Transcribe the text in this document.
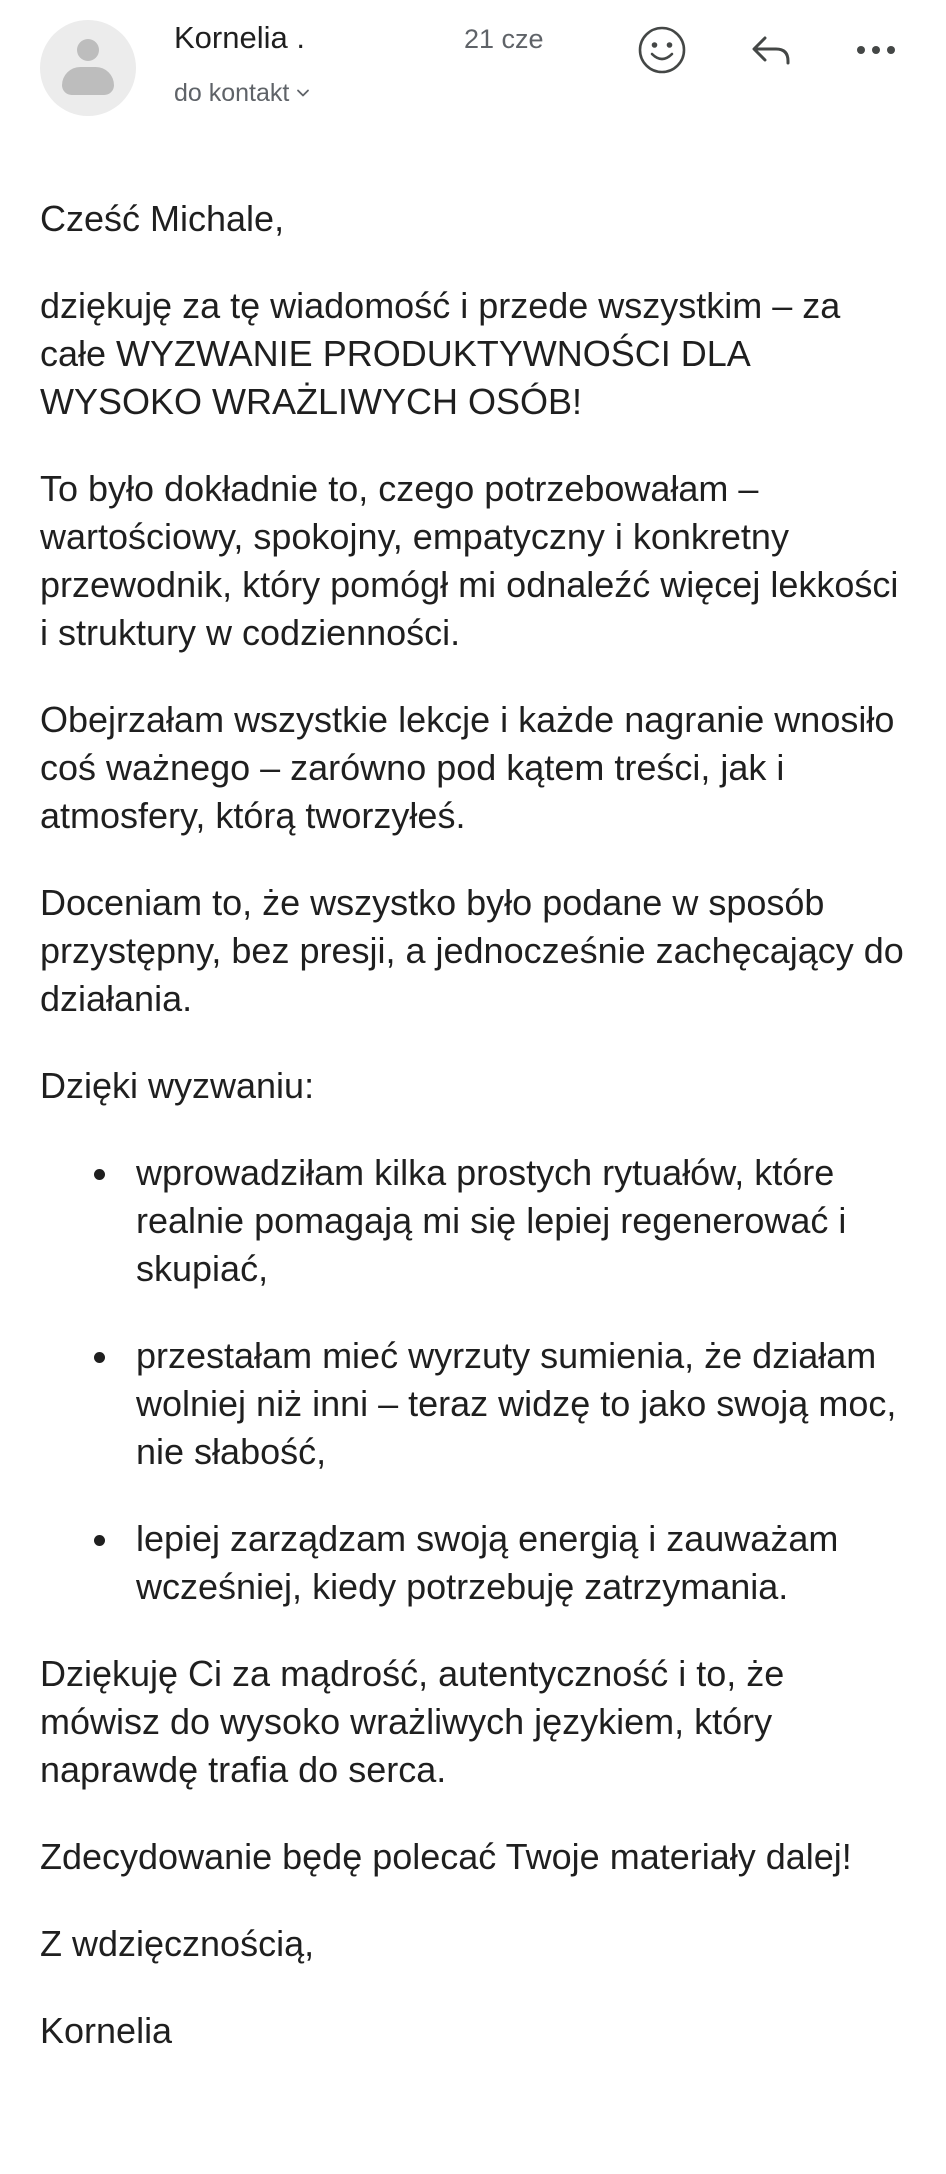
Kornelia .
do kontakt
21 cze

Cześć Michale,

dziękuję za tę wiadomość i przede wszystkim – za całe WYZWANIE PRODUKTYWNOŚCI DLA WYSOKO WRAŻLIWYCH OSÓB!

To było dokładnie to, czego potrzebowałam – wartościowy, spokojny, empatyczny i konkretny przewodnik, który pomógł mi odnaleźć więcej lekkości i struktury w codzienności.

Obejrzałam wszystkie lekcje i każde nagranie wnosiło coś ważnego – zarówno pod kątem treści, jak i atmosfery, którą tworzyłeś.

Doceniam to, że wszystko było podane w sposób przystępny, bez presji, a jednocześnie zachęcający do działania.

Dzięki wyzwaniu:

wprowadziłam kilka prostych rytuałów, które realnie pomagają mi się lepiej regenerować i skupiać,
przestałam mieć wyrzuty sumienia, że działam wolniej niż inni – teraz widzę to jako swoją moc, nie słabość,
lepiej zarządzam swoją energią i zauważam wcześniej, kiedy potrzebuję zatrzymania.

Dziękuję Ci za mądrość, autentyczność i to, że mówisz do wysoko wrażliwych językiem, który naprawdę trafia do serca.

Zdecydowanie będę polecać Twoje materiały dalej!

Z wdzięcznością,

Kornelia
